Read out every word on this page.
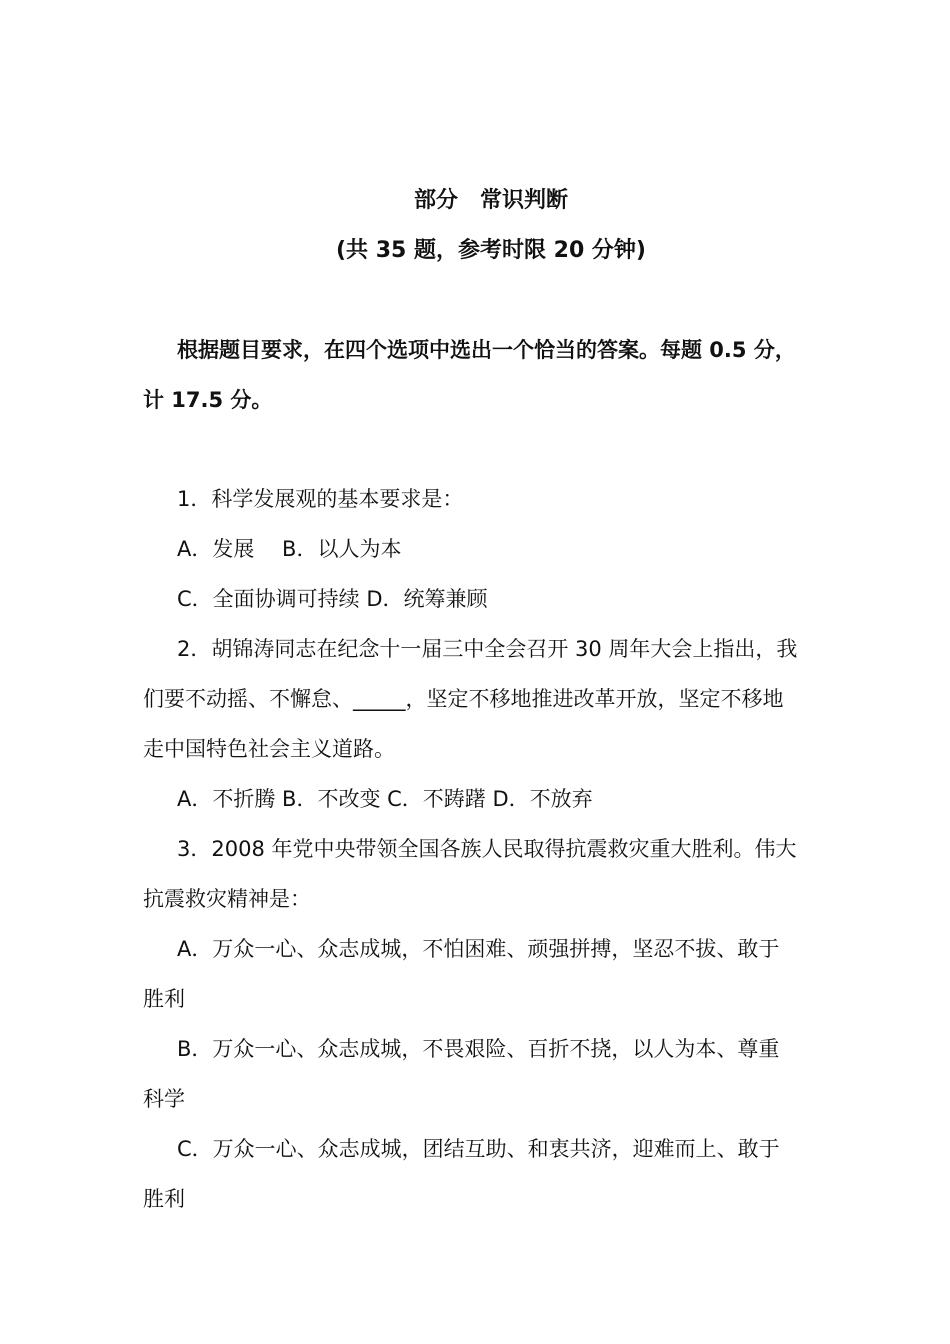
部分　常识判断
(共 35 题，参考时限 20 分钟)
根据题目要求，在四个选项中选出一个恰当的答案。每题 0.5 分，
计 17.5 分。
1．科学发展观的基本要求是：
A．发展　 B．以人为本
C．全面协调可持续 D．统筹兼顾
2．胡锦涛同志在纪念十一届三中全会召开 30 周年大会上指出，我
们要不动摇、不懈怠、_____，坚定不移地推进改革开放，坚定不移地
走中国特色社会主义道路。
A．不折腾 B．不改变 C．不踌躇 D．不放弃
3．2008 年党中央带领全国各族人民取得抗震救灾重大胜利。伟大
抗震救灾精神是：
A．万众一心、众志成城，不怕困难、顽强拼搏，坚忍不拔、敢于
胜利
B．万众一心、众志成城，不畏艰险、百折不挠，以人为本、尊重
科学
C．万众一心、众志成城，团结互助、和衷共济，迎难而上、敢于
胜利
